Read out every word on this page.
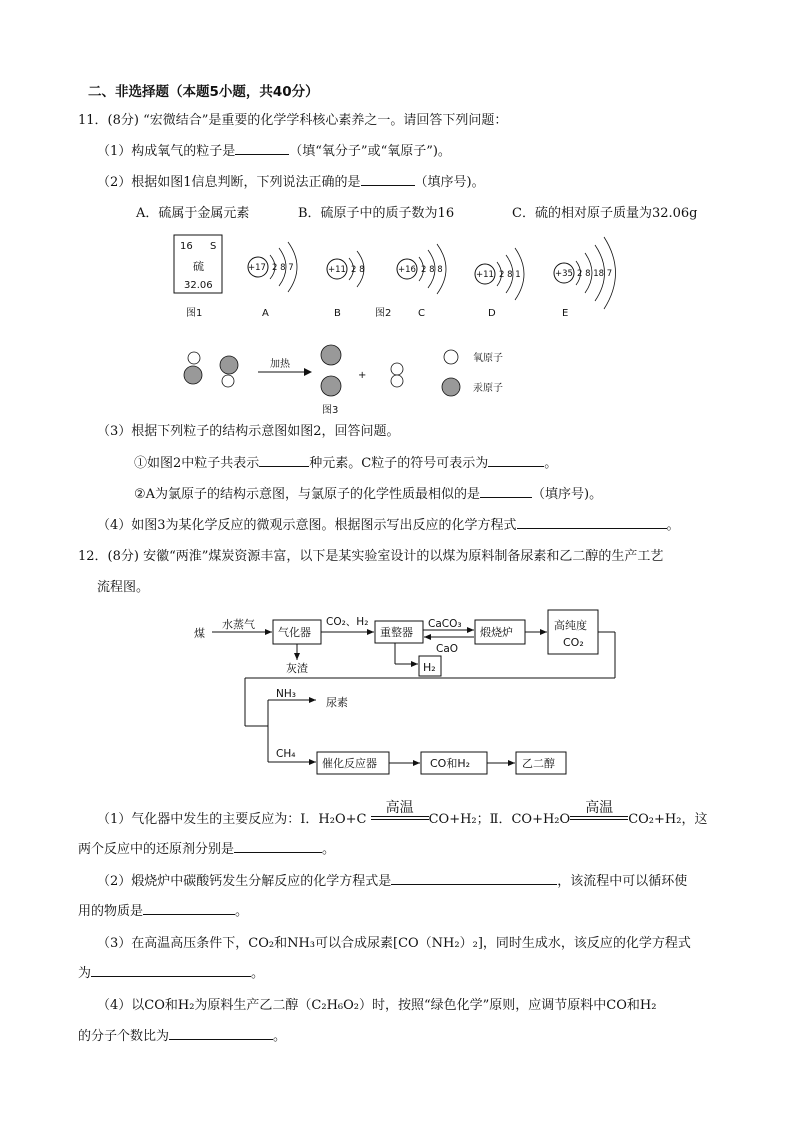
二、非选择题（本题5小题，共40分）
11．(8分) “宏微结合”是重要的化学学科核心素养之一。请回答下列问题：
（1）构成氧气的粒子是	（填“氧分子”或“氧原子”)。
（2）根据如图1信息判断，下列说法正确的是	（填序号)。
A．硫属于金属元素	B．硫原子中的质子数为16	C．硫的相对原子质量为32.06g
16 S
硫
32.06
图1
+17 2 8 7
A
+11 2 8
B	图2
+16 2 8 8
C
+11 2 8 1
D
+35 2 8 18 7
E
加热
+
氧原子
汞原子
图3
（3）根据下列粒子的结构示意图如图2，回答问题。
①如图2中粒子共表示	种元素。C粒子的符号可表示为	。
②A为氯原子的结构示意图，与氯原子的化学性质最相似的是	（填序号)。
（4）如图3为某化学反应的微观示意图。根据图示写出反应的化学方程式	。
12．(8分) 安徽“两淮”煤炭资源丰富，以下是某实验室设计的以煤为原料制备尿素和乙二醇的生产工艺
流程图。
煤
水蒸气
气化器
灰渣
CO₂、H₂
重整器
CaCO₃
CaO
H₂
煅烧炉
高纯度
CO₂
NH₃
尿素
CH₄
催化反应器	CO和H₂	乙二醇
（1）气化器中发生的主要反应为：Ⅰ．H₂O+C
高温
CO+H₂；Ⅱ．CO+H₂O
高温
CO₂+H₂，这
两个反应中的还原剂分别是	。
（2）煅烧炉中碳酸钙发生分解反应的化学方程式是	，该流程中可以循环使
用的物质是	。
（3）在高温高压条件下，CO₂和NH₃可以合成尿素[CO（NH₂）₂]，同时生成水，该反应的化学方程式
为	。
（4）以CO和H₂为原料生产乙二醇（C₂H₆O₂）时，按照“绿色化学”原则，应调节原料中CO和H₂
的分子个数比为	。
